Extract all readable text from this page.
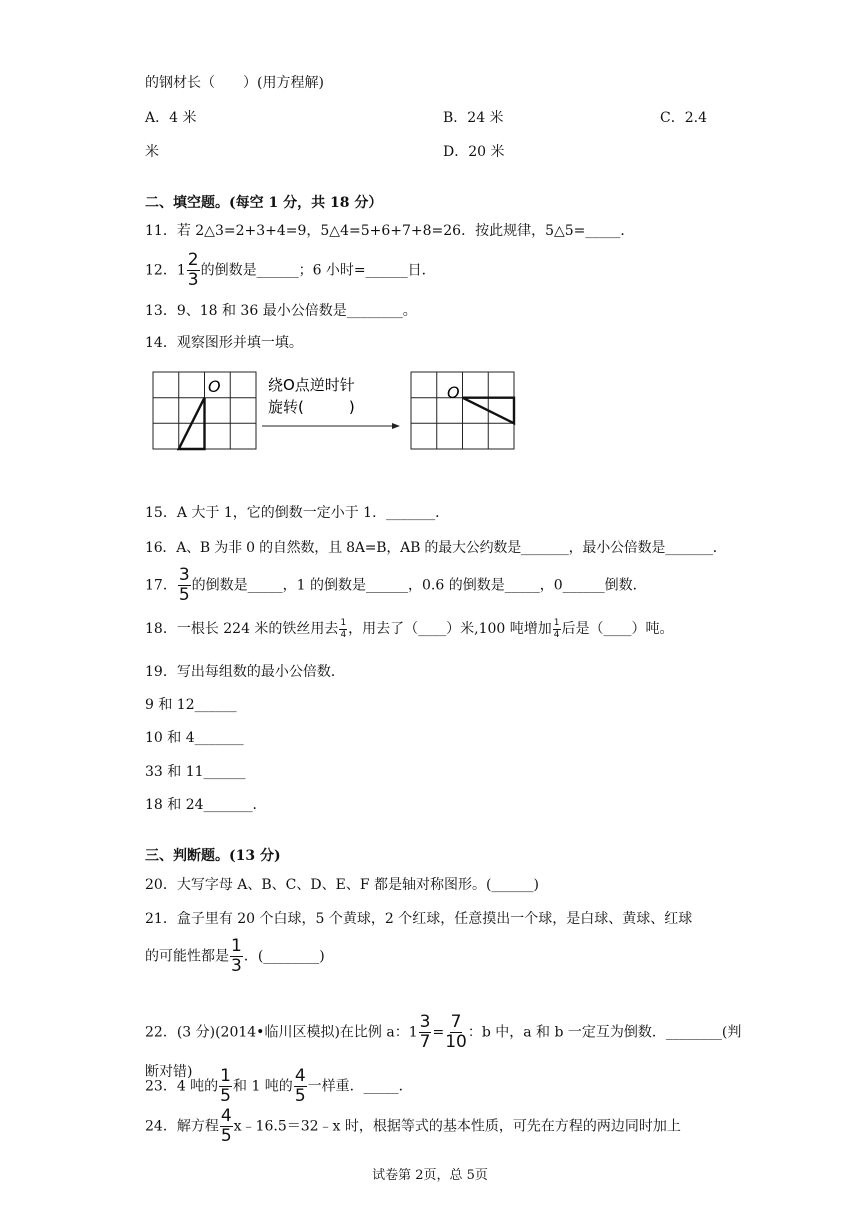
的钢材长（　　）(用方程解)
A．4 米	B．24 米	C．2.4
米	D．20 米
二、填空题。(每空 1 分，共 18 分）
11．若 2△3=2+3+4=9，5△4=5+6+7+8=26．按此规律，5△5=_____．
12．$1 \frac{2}{3}$ 的倒数是______；6 小时=______日．
13．9、18 和 36 最小公倍数是________。
14．观察图形并填一填。
O	绕O点逆时针
旋转(　　　)
O
15．A 大于 1，它的倒数一定小于 1．_______．
16．A、B 为非 0 的自然数，且 8A=B，AB 的最大公约数是_______，最小公倍数是_______．
17． $\frac{3}{5}$ 的倒数是_____，1 的倒数是______，0.6 的倒数是_____，0______倒数．
18．一根长 224 米的铁丝用去 $\frac{1}{4}$ ，用去了（____）米,100 吨增加 $\frac{1}{4}$ 后是（____）吨。
19．写出每组数的最小公倍数．
9 和 12______
10 和 4_______
33 和 11______
18 和 24_______．
三、判断题。(13 分)
20．大写字母 A、B、C、D、E、F 都是轴对称图形。(______)
21．盒子里有 20 个白球，5 个黄球，2 个红球，任意摸出一个球，是白球、黄球、红球
的可能性都是 $\frac{1}{3}$ ．(________)
22．(3 分)(2014•临川区模拟)在比例 a：$1 \frac{3}{7} = \frac{7}{10}$ ：b 中，a 和 b 一定互为倒数．________(判
断对错)
23．4 吨的 $\frac{1}{5}$ 和 1 吨的 $\frac{4}{5}$ 一样重．_____．
24．解方程 $\frac{4}{5}$ x﹣16.5＝32﹣x 时，根据等式的基本性质，可先在方程的两边同时加上
试卷第 2页，总 5页
